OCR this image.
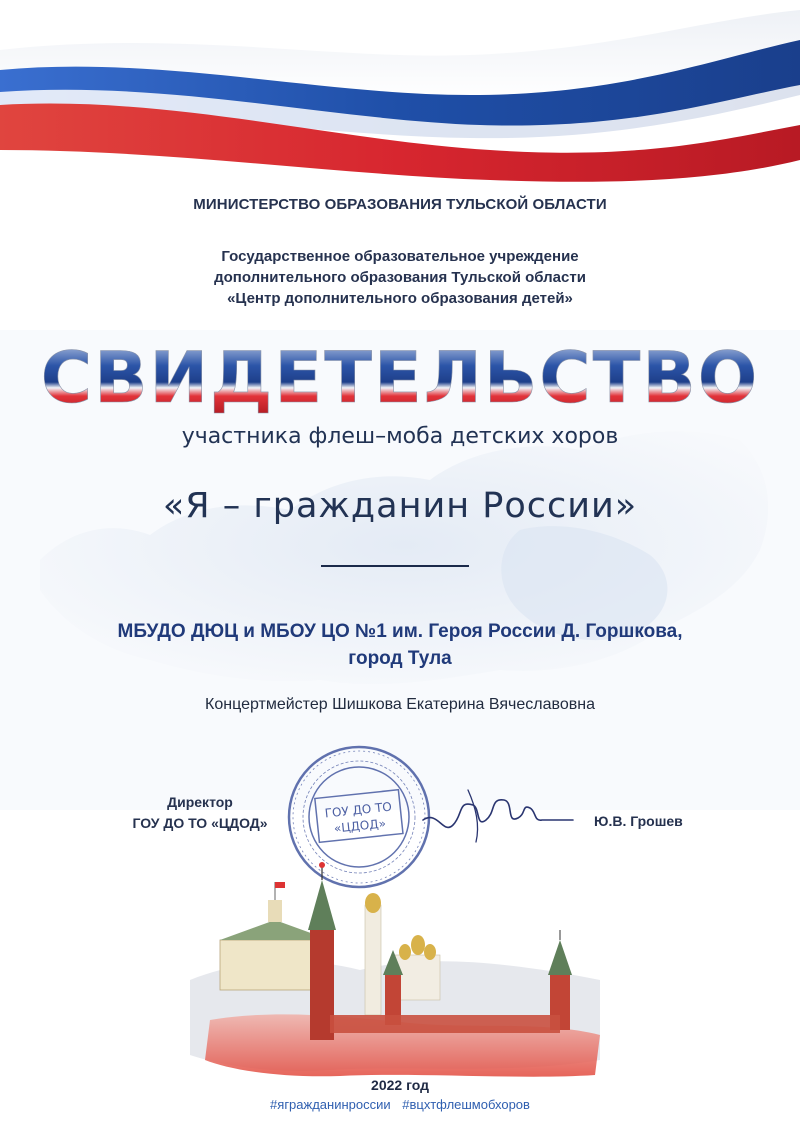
МИНИСТЕРСТВО ОБРАЗОВАНИЯ ТУЛЬСКОЙ ОБЛАСТИ
Государственное образовательное учреждение
дополнительного образования Тульской области
«Центр дополнительного образования детей»
СВИДЕТЕЛЬСТВО
участника флеш–моба детских хоров
«Я – гражданин России»
МБУДО ДЮЦ и МБОУ ЦО №1 им. Героя России Д. Горшкова,
город Тула
Концертмейстер Шишкова Екатерина Вячеславовна
Директор
ГОУ ДО ТО «ЦДОД»
ГОУ ДО ТО
«ЦДОД»	Ю.В. Грошев
2022 год
#ягражданинроссии #вцхтфлешмобхоров
